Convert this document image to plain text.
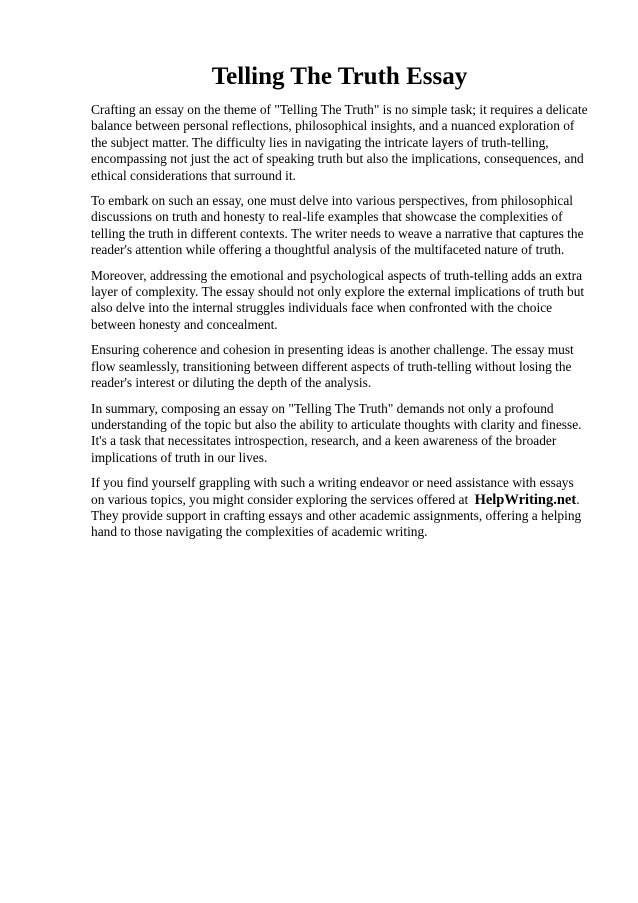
Telling The Truth Essay

Crafting an essay on the theme of "Telling The Truth" is no simple task; it requires a delicate balance between personal reflections, philosophical insights, and a nuanced exploration of the subject matter. The difficulty lies in navigating the intricate layers of truth-telling, encompassing not just the act of speaking truth but also the implications, consequences, and ethical considerations that surround it.

To embark on such an essay, one must delve into various perspectives, from philosophical discussions on truth and honesty to real-life examples that showcase the complexities of telling the truth in different contexts. The writer needs to weave a narrative that captures the reader's attention while offering a thoughtful analysis of the multifaceted nature of truth.

Moreover, addressing the emotional and psychological aspects of truth-telling adds an extra layer of complexity. The essay should not only explore the external implications of truth but also delve into the internal struggles individuals face when confronted with the choice between honesty and concealment.

Ensuring coherence and cohesion in presenting ideas is another challenge. The essay must flow seamlessly, transitioning between different aspects of truth-telling without losing the reader's interest or diluting the depth of the analysis.

In summary, composing an essay on "Telling The Truth" demands not only a profound understanding of the topic but also the ability to articulate thoughts with clarity and finesse. It's a task that necessitates introspection, research, and a keen awareness of the broader implications of truth in our lives.

If you find yourself grappling with such a writing endeavor or need assistance with essays on various topics, you might consider exploring the services offered at HelpWriting.net. They provide support in crafting essays and other academic assignments, offering a helping hand to those navigating the complexities of academic writing.
